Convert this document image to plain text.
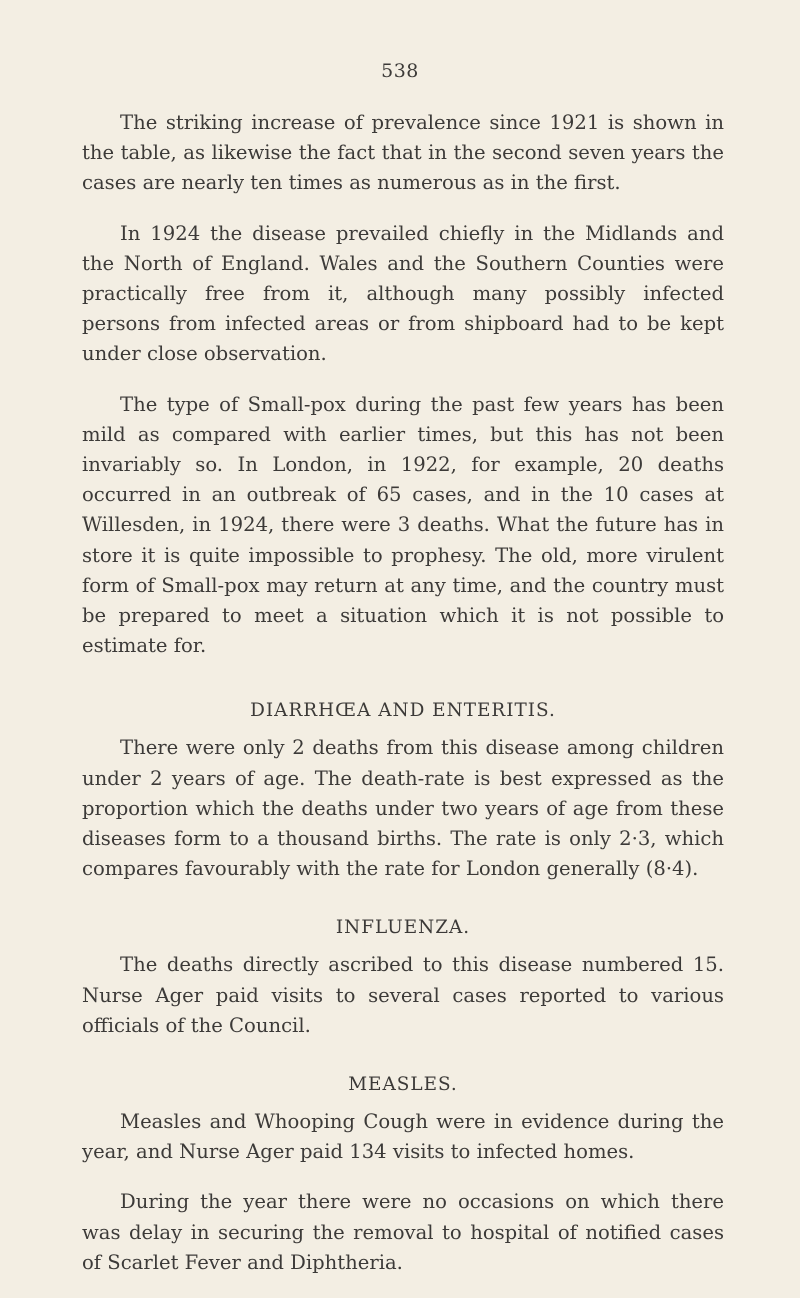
538

The striking increase of prevalence since 1921 is shown in the table, as likewise the fact that in the second seven years the cases are nearly ten times as numerous as in the first.

In 1924 the disease prevailed chiefly in the Midlands and the North of England. Wales and the Southern Counties were practically free from it, although many possibly infected persons from infected areas or from shipboard had to be kept under close observation.

The type of Small-pox during the past few years has been mild as compared with earlier times, but this has not been invariably so. In London, in 1922, for example, 20 deaths occurred in an outbreak of 65 cases, and in the 10 cases at Willesden, in 1924, there were 3 deaths. What the future has in store it is quite impossible to prophesy. The old, more virulent form of Small-pox may return at any time, and the country must be prepared to meet a situation which it is not possible to estimate for.

DIARRHŒA AND ENTERITIS.

There were only 2 deaths from this disease among children under 2 years of age. The death-rate is best expressed as the proportion which the deaths under two years of age from these diseases form to a thousand births. The rate is only 2·3, which compares favourably with the rate for London generally (8·4).

INFLUENZA.

The deaths directly ascribed to this disease numbered 15. Nurse Ager paid visits to several cases reported to various officials of the Council.

MEASLES.

Measles and Whooping Cough were in evidence during the year, and Nurse Ager paid 134 visits to infected homes.

During the year there were no occasions on which there was delay in securing the removal to hospital of notified cases of Scarlet Fever and Diphtheria.
